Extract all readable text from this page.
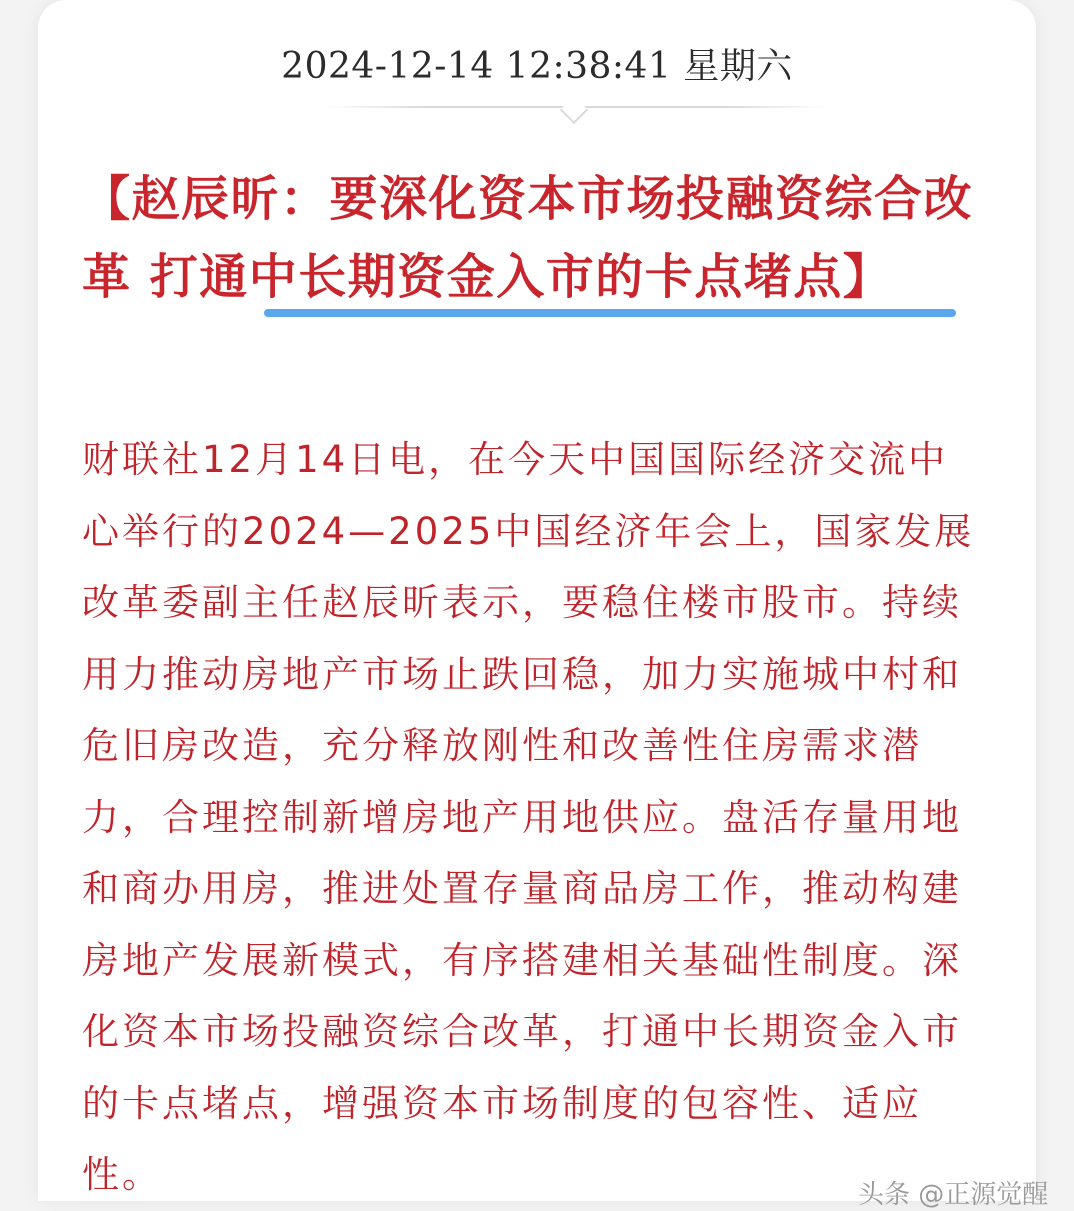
2024-12-14 12:38:41 星期六
【赵辰昕：要深化资本市场投融资综合改革 打通中长期资金入市的卡点堵点】
财联社12月14日电，在今天中国国际经济交流中心举行的2024—2025中国经济年会上，国家发展改革委副主任赵辰昕表示，要稳住楼市股市。持续用力推动房地产市场止跌回稳，加力实施城中村和危旧房改造，充分释放刚性和改善性住房需求潜力，合理控制新增房地产用地供应。盘活存量用地和商办用房，推进处置存量商品房工作，推动构建房地产发展新模式，有序搭建相关基础性制度。深化资本市场投融资综合改革，打通中长期资金入市的卡点堵点，增强资本市场制度的包容性、适应性。	头条 @正源觉醒
